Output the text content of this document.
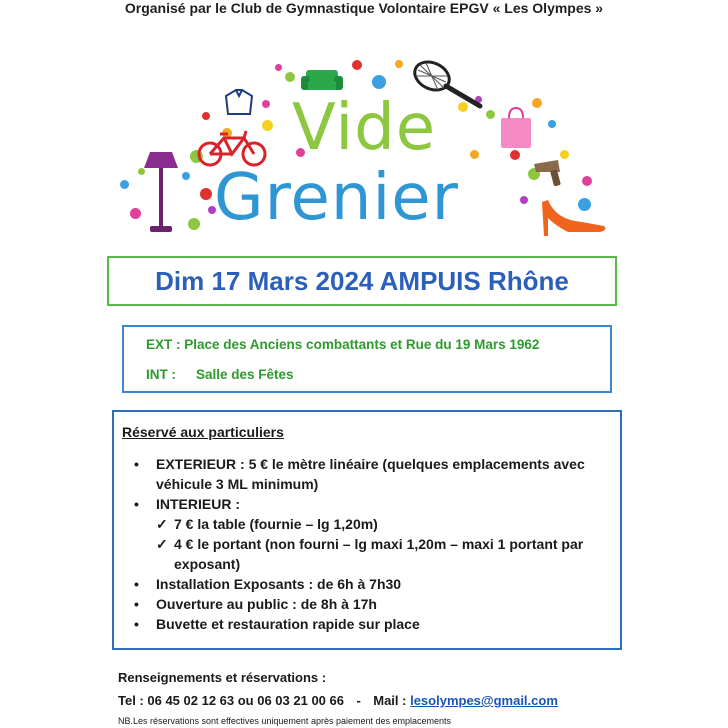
Organisé par le Club de Gymnastique Volontaire EPGV « Les Olympes »
Vide
Grenier
Dim 17 Mars 2024 AMPUIS Rhône
EXT : Place des Anciens combattants et Rue du 19 Mars 1962
INT : Salle des Fêtes
Réservé aux particuliers
•	EXTERIEUR : 5 € le mètre linéaire (quelques emplacements avec véhicule 3 ML minimum)
•	INTERIEUR :
✓ 7 € la table (fournie – lg 1,20m)
✓ 4 € le portant (non fourni – lg maxi 1,20m – maxi 1 portant par exposant)
•	Installation Exposants : de 6h à 7h30
•	Ouverture au public : de 8h à 17h
•	Buvette et restauration rapide sur place
Renseignements et réservations :
Tel : 06 45 02 12 63 ou 06 03 21 00 66 - Mail : lesolympes@gmail.com
NB.Les réservations sont effectives uniquement après paiement des emplacements
